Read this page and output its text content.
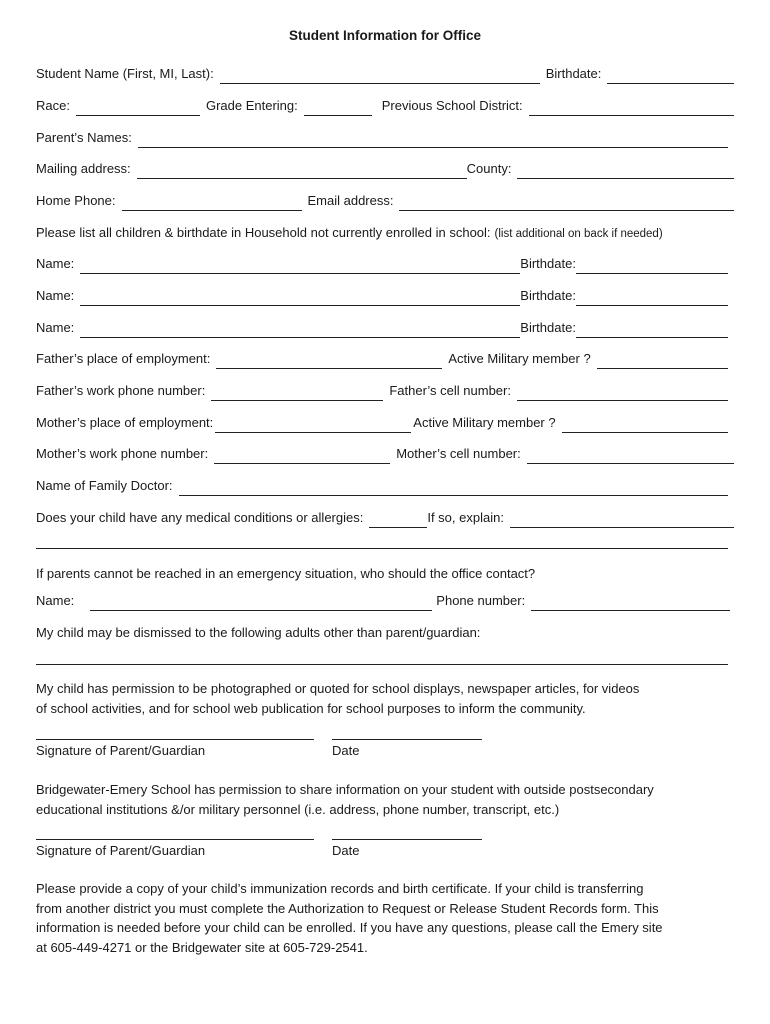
Student Information for Office
Student Name (First, MI, Last):	Birthdate:
Race:	Grade Entering:	Previous School District:
Parent’s Names:
Mailing address:	County:
Home Phone:	Email address:
Please list all children & birthdate in Household not currently enrolled in school: (list additional on back if needed)
Name:	Birthdate:
Name:	Birthdate:
Name:	Birthdate:
Father’s place of employment:	Active Military member ?
Father’s work phone number:	Father’s cell number:
Mother’s place of employment:	Active Military member ?
Mother’s work phone number:	Mother’s cell number:
Name of Family Doctor:
Does your child have any medical conditions or allergies:	If so, explain:
If parents cannot be reached in an emergency situation, who should the office contact?
Name:	Phone number:
My child may be dismissed to the following adults other than parent/guardian:
My child has permission to be photographed or quoted for school displays, newspaper articles, for videos
of school activities, and for school web publication for school purposes to inform the community.
Signature of Parent/Guardian	Date
Bridgewater-Emery School has permission to share information on your student with outside postsecondary
educational institutions &/or military personnel (i.e. address, phone number, transcript, etc.)
Signature of Parent/Guardian	Date
Please provide a copy of your child’s immunization records and birth certificate. If your child is transferring
from another district you must complete the Authorization to Request or Release Student Records form. This
information is needed before your child can be enrolled. If you have any questions, please call the Emery site
at 605-449-4271 or the Bridgewater site at 605-729-2541.
